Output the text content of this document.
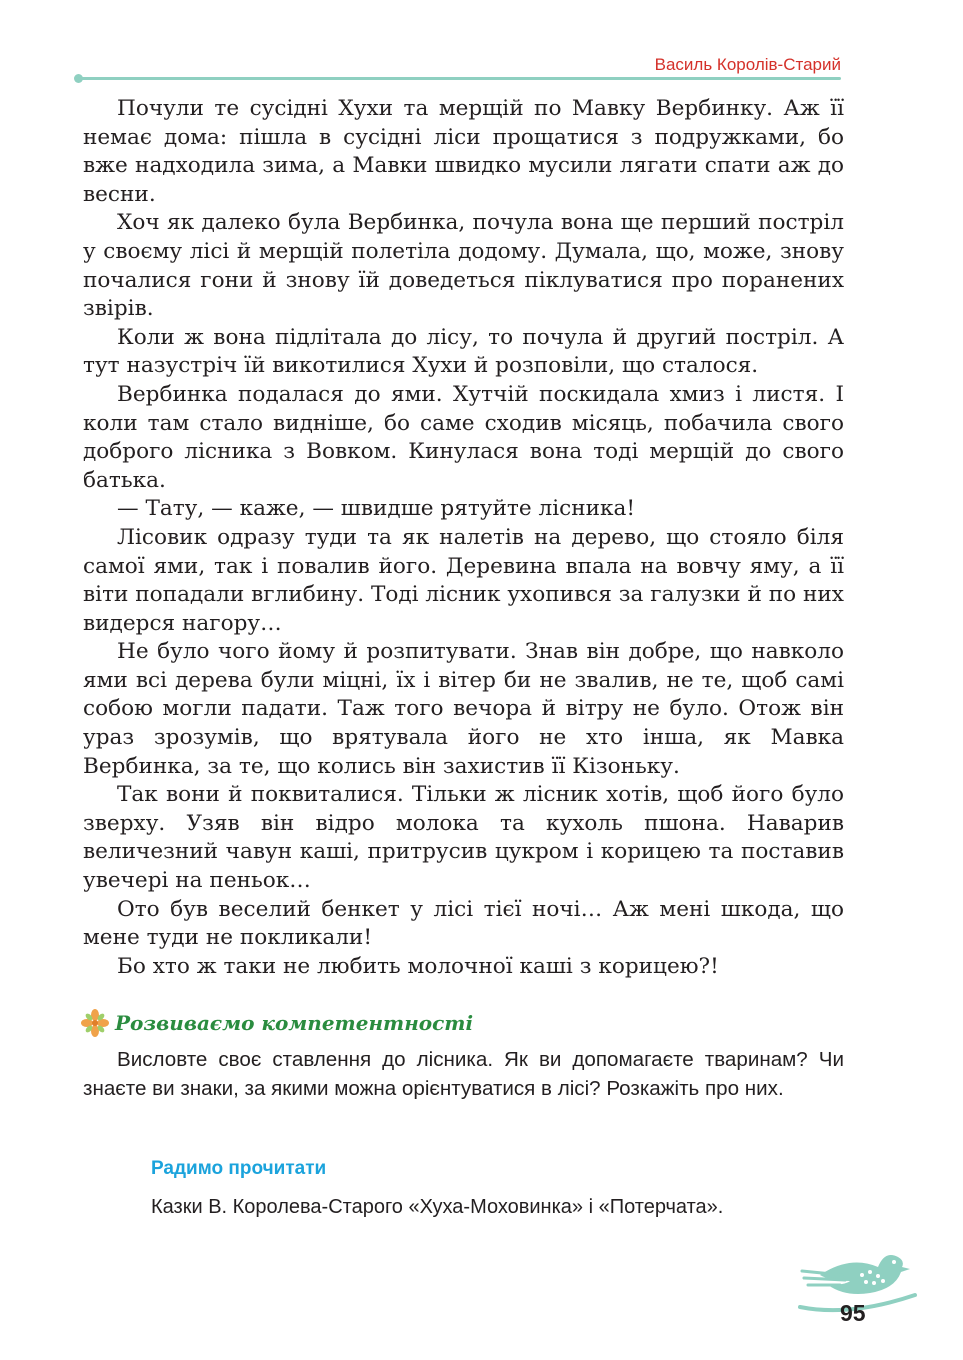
Василь Королів-Старий

Почули те сусідні Хухи та мерщій по Мавку Вербинку. Аж її немає дома: пішла в сусідні ліси прощатися з подружками, бо вже надходила зима, а Мавки швидко мусили лягати спати аж до весни.

Хоч як далеко була Вербинка, почула вона ще перший постріл у своєму лісі й мерщій полетіла додому. Думала, що, може, знову почалися гони й знову їй доведеться піклуватися про поранених звірів.

Коли ж вона підлітала до лісу, то почула й другий постріл. А тут назустріч їй викотилися Хухи й розповіли, що сталося.

Вербинка подалася до ями. Хутчій поскидала хмиз і листя. І коли там стало видніше, бо саме сходив місяць, побачила свого доброго лісника з Вовком. Кинулася вона тоді мерщій до свого батька.

— Тату, — каже, — швидше рятуйте лісника!

Лісовик одразу туди та як налетів на дерево, що стояло біля самої ями, так і повалив його. Деревина впала на вовчу яму, а її віти попадали вглибину. Тоді лісник ухопився за галузки й по них видерся нагору…

Не було чого йому й розпитувати. Знав він добре, що навколо ями всі дерева були міцні, їх і вітер би не звалив, не те, щоб самі собою могли падати. Таж того вечора й вітру не було. Отож він ураз зрозумів, що врятувала його не хто інша, як Мавка Вербинка, за те, що колись він захистив її Кізоньку.

Так вони й поквиталися. Тільки ж лісник хотів, щоб його було зверху. Узяв він відро молока та кухоль пшона. Наварив величезний чавун каші, притрусив цукром і корицею та поставив увечері на пеньок…

Ото був веселий бенкет у лісі тієї ночі… Аж мені шкода, що мене туди не покликали!

Бо хто ж таки не любить молочної каші з корицею?!

Розвиваємо компетентності

Висловте своє ставлення до лісника. Як ви допомагаєте тваринам? Чи знаєте ви знаки, за якими можна орієнтуватися в лісі? Розкажіть про них.

Радимо прочитати
Казки В. Королева-Старого «Хуха-Моховинка» і «Потерчата».
95
